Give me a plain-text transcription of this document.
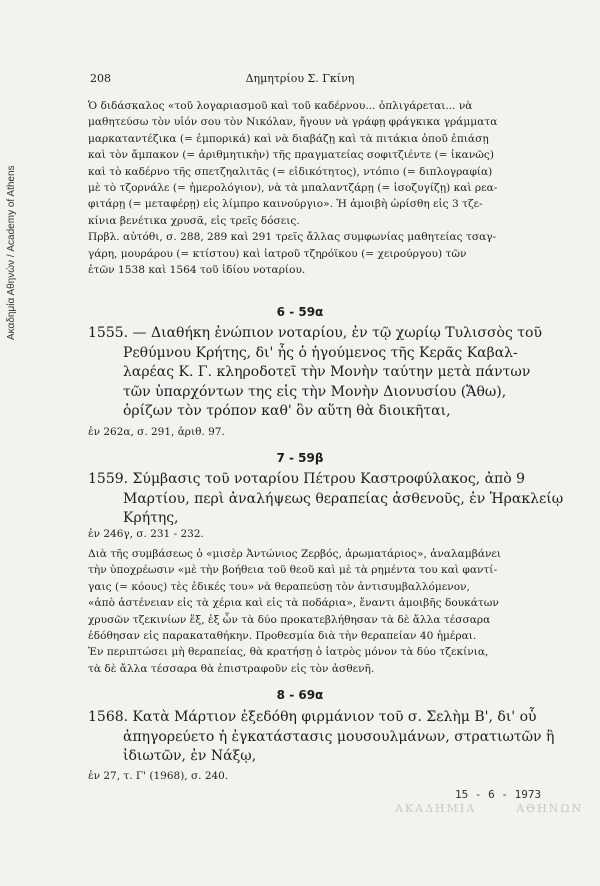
Ακαδημία Αθηνών / Academy of Athens
208	Δημητρίου Σ. Γκίνη
Ὁ διδάσκαλος «τοῦ λογαριασμοῦ καὶ τοῦ καδέρνου... ὀπλιγάρεται... νὰ
μαθητεύσω τὸν υἱόν σου τὸν Νικόλαν, ἤγουν νὰ γράφῃ φράγκικα γράμματα
μαρκαταντέζικα (= ἐμπορικά) καὶ νὰ διαβάζῃ καὶ τὰ πιτάκια ὁποῦ ἐπιάσῃ
καὶ τὸν ἄμπακον (= ἀριθμητικὴν) τῆς πραγματείας σοφιτζιέντε (= ἱκανῶς)
καὶ τὸ καδέρνο τῆς σπετζηαλιτᾶς (= εἰδικότητος), ντόπιο (= διπλογραφία)
μὲ τὸ τζορνάλε (= ἡμερολόγιον), νὰ τὰ μπαλαντζάρῃ (= ἰσοζυγίζῃ) καὶ ρεα-
φιτάρῃ (= μεταφέρῃ) εἰς λίμπρο καινούργιο». Ἡ ἀμοιβὴ ὡρίσθη εἰς 3 τζε-
κίνια βενέτικα χρυσᾶ, εἰς τρεῖς δόσεις.
Πρβλ. αὐτόθι, σ. 288, 289 καὶ 291 τρεῖς ἄλλας συμφωνίας μαθητείας τσαγ-
γάρη, μουράρου (= κτίστου) καὶ ἰατροῦ τζηρόϊκου (= χειρούργου) τῶν
ἐτῶν 1538 καὶ 1564 τοῦ ἰδίου νοταρίου.
6 - 59α
1555. — Διαθήκη ἐνώπιον νοταρίου, ἐν τῷ χωρίῳ Τυλισσὸς τοῦ
Ρεθύμνου Κρήτης, δι' ἧς ὁ ἡγούμενος τῆς Κερᾶς Καβαλ-
λαρέας Κ. Γ. κληροδοτεῖ τὴν Μονὴν ταύτην μετὰ πάντων
τῶν ὑπαρχόντων της εἰς τὴν Μονὴν Διονυσίου (Ἄθω),
ὁρίζων τὸν τρόπον καθ' ὃν αὕτη θὰ διοικῆται,
ἐν 262α, σ. 291, ἀριθ. 97.
7 - 59β
1559. Σύμβασις τοῦ νοταρίου Πέτρου Καστροφύλακος, ἀπὸ 9
Μαρτίου, περὶ ἀναλήψεως θεραπείας ἀσθενοῦς, ἐν Ἡρακλείῳ
Κρήτης,
ἐν 246γ, σ. 231 - 232.
Διὰ τῆς συμβάσεως ὁ «μισὲρ Ἀντώνιος Ζερβός, ἀρωματάριος», ἀναλαμβάνει
τὴν ὑποχρέωσιν «μὲ τὴν βοήθεια τοῦ θεοῦ καὶ μὲ τὰ ρημέντα του καὶ φαντί-
γαις (= κόους) τὲς ἐδικές του» νὰ θεραπεύσῃ τὸν ἀντισυμβαλλόμενον,
«ἀπὸ ἀστένειαν εἰς τὰ χέρια καὶ εἰς τὰ ποδάρια», ἔναντι ἀμοιβῆς δουκάτων
χρυσῶν τζεκινίων ἕξ, ἐξ ὧν τὰ δύο προκατεβλήθησαν τὰ δὲ ἄλλα τέσσαρα
ἐδόθησαν εἰς παρακαταθήκην. Προθεσμία διὰ τὴν θεραπείαν 40 ἡμέραι.
Ἐν περιπτώσει μὴ θεραπείας, θὰ κρατήσῃ ὁ ἰατρὸς μόνον τὰ δύο τζεκίνια,
τὰ δὲ ἄλλα τέσσαρα θὰ ἐπιστραφοῦν εἰς τὸν ἀσθενῆ.
8 - 69α
1568. Κατὰ Μάρτιον ἐξεδόθη φιρμάνιον τοῦ σ. Σελὴμ Β', δι' οὗ
ἀπηγορεύετο ἡ ἐγκατάστασις μουσουλμάνων, στρατιωτῶν ἢ
ἰδιωτῶν, ἐν Νάξῳ,
ἐν 27, τ. Γ' (1968), σ. 240.
15 - 6 - 1973
ΑΚΑΔΗΜΙΑ	ΑΘΗΝΩΝ
